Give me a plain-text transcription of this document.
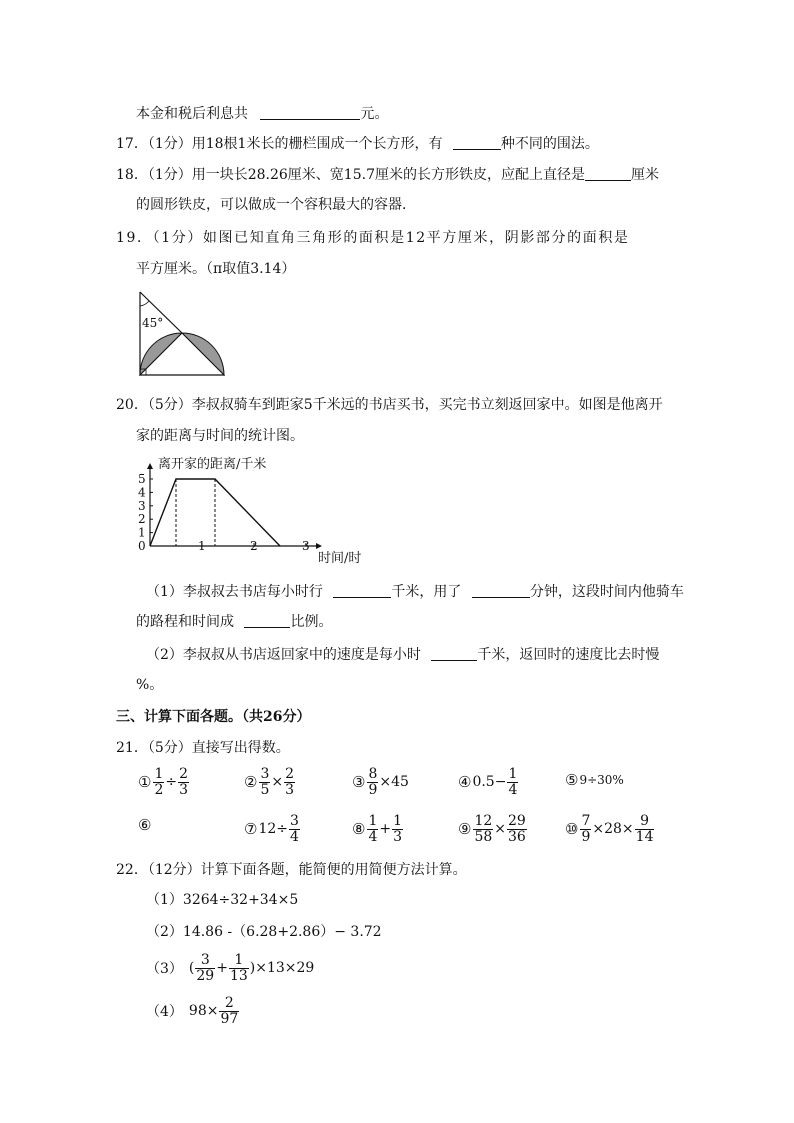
本金和税后利息共	元。
17．（1分）用18根1米长的栅栏围成一个长方形，有	种不同的围法。
18．（1分）用一块长28.26厘米、宽15.7厘米的长方形铁皮，应配上直径是	厘米
的圆形铁皮，可以做成一个容积最大的容器．
19．（1分）如图已知直角三角形的面积是12平方厘米，阴影部分的面积是
平方厘米。（π取值3.14）
45°
20．（5分）李叔叔骑车到距家5千米远的书店买书，买完书立刻返回家中。如图是他离开
家的距离与时间的统计图。
离开家的距离/千米
时间/时
0	1	2	3
1
2
3
4
5
（1）李叔叔去书店每小时行	千米，用了	分钟，这段时间内他骑车
的路程和时间成	比例。
（2）李叔叔从书店返回家中的速度是每小时	千米，返回时的速度比去时慢
%。
三、计算下面各题。（共26分）
21．（5分）直接写出得数。
① $\frac{1}{2} \div \frac{2}{3}$	② $\frac{3}{5} \times \frac{2}{3}$	③ $\frac{8}{9} \times 45$	④ $0.5- \frac{1}{4}$	⑤ 9÷30%
⑥	⑦ $12\div \frac{3}{4}$	⑧ $\frac{1}{4} + \frac{1}{3}$	⑨ $\frac{12}{58} \times \frac{29}{36}$	⑩ $\frac{7}{9} \times 28\times \frac{9}{14}$
22．（12分）计算下面各题，能简便的用简便方法计算。
（1）3264÷32+34×5
（2）14.86 -（6.28+2.86）− 3.72
（3） ( $\frac{3}{29} + \frac{1}{13} )\times 13\times 29$
（4） $98\times \frac{2}{97}$
